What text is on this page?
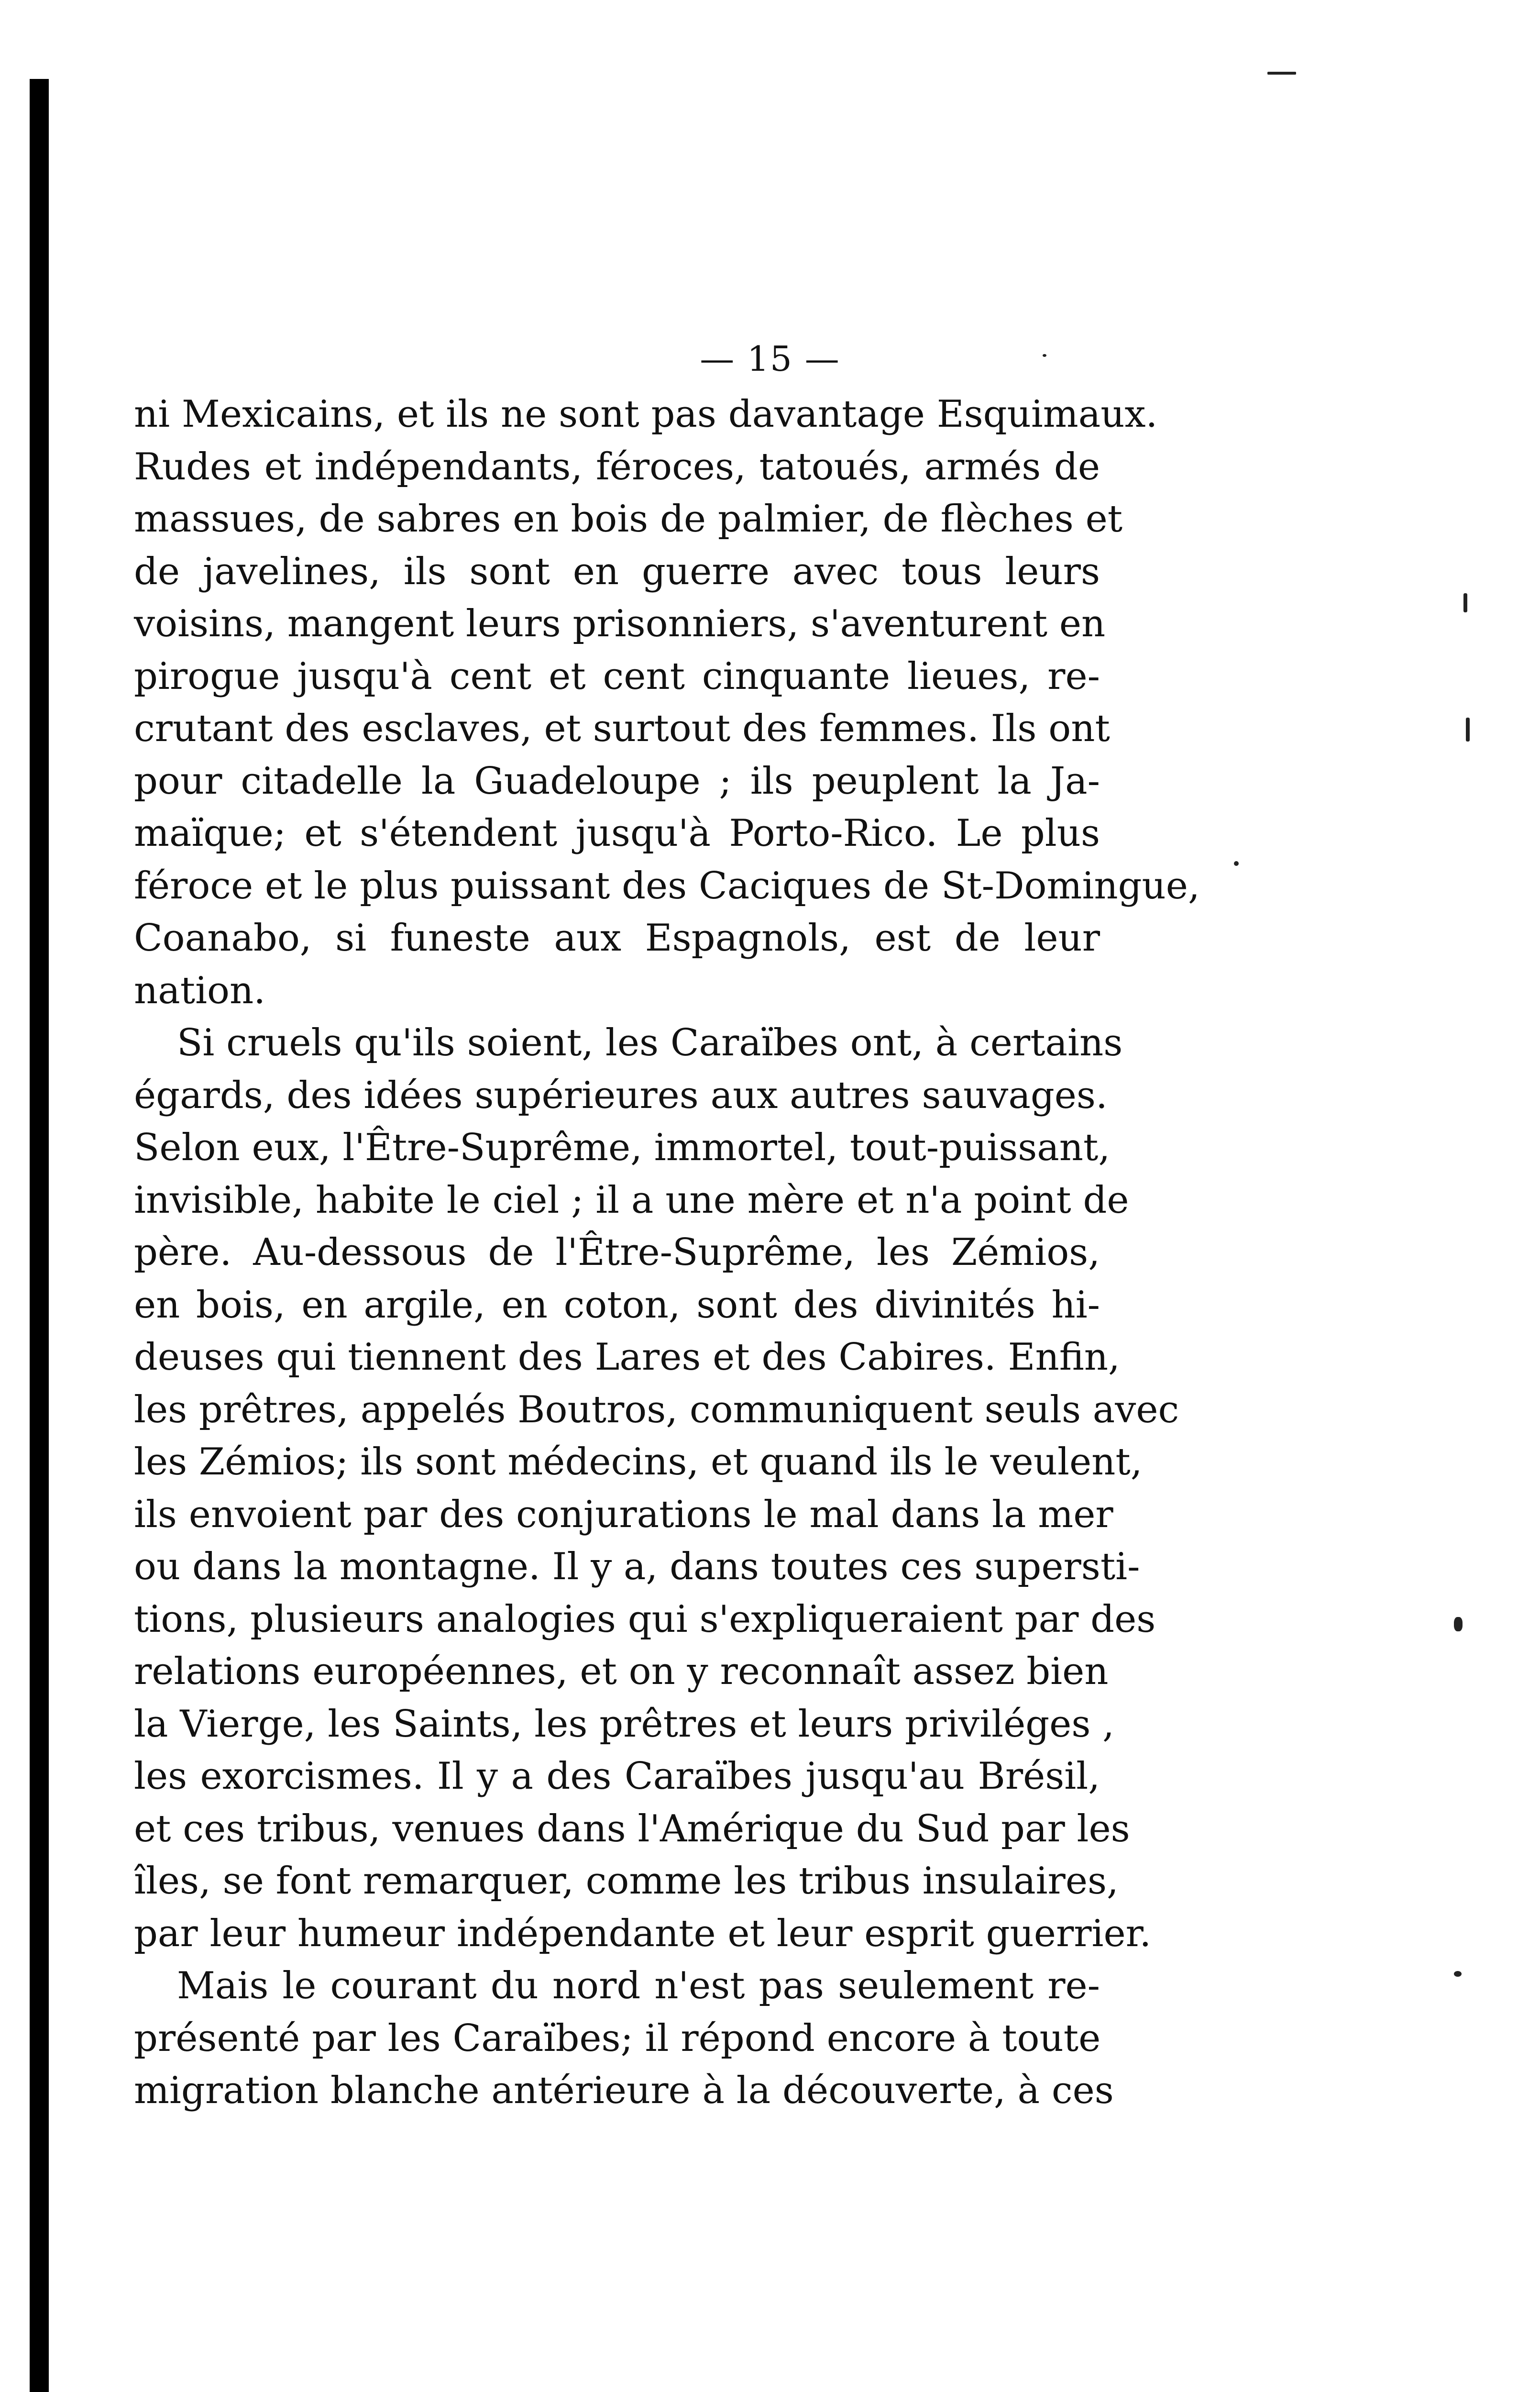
— 15 —
ni Mexicains, et ils ne sont pas davantage Esquimaux.
Rudes et indépendants, féroces, tatoués, armés de
massues, de sabres en bois de palmier, de flèches et
de javelines, ils sont en guerre avec tous leurs
voisins, mangent leurs prisonniers, s'aventurent en
pirogue jusqu'à cent et cent cinquante lieues, re-
crutant des esclaves, et surtout des femmes. Ils ont
pour citadelle la Guadeloupe ; ils peuplent la Ja-
maïque; et s'étendent jusqu'à Porto-Rico. Le plus
féroce et le plus puissant des Caciques de St-Domingue,
Coanabo, si funeste aux Espagnols, est de leur
nation.
Si cruels qu'ils soient, les Caraïbes ont, à certains
égards, des idées supérieures aux autres sauvages.
Selon eux, l'Être-Suprême, immortel, tout-puissant,
invisible, habite le ciel ; il a une mère et n'a point de
père. Au-dessous de l'Être-Suprême, les Zémios,
en bois, en argile, en coton, sont des divinités hi-
deuses qui tiennent des Lares et des Cabires. Enfin,
les prêtres, appelés Boutros, communiquent seuls avec
les Zémios; ils sont médecins, et quand ils le veulent,
ils envoient par des conjurations le mal dans la mer
ou dans la montagne. Il y a, dans toutes ces supersti-
tions, plusieurs analogies qui s'expliqueraient par des
relations européennes, et on y reconnaît assez bien
la Vierge, les Saints, les prêtres et leurs priviléges ,
les exorcismes. Il y a des Caraïbes jusqu'au Brésil,
et ces tribus, venues dans l'Amérique du Sud par les
îles, se font remarquer, comme les tribus insulaires,
par leur humeur indépendante et leur esprit guerrier.
Mais le courant du nord n'est pas seulement re-
présenté par les Caraïbes; il répond encore à toute
migration blanche antérieure à la découverte, à ces
